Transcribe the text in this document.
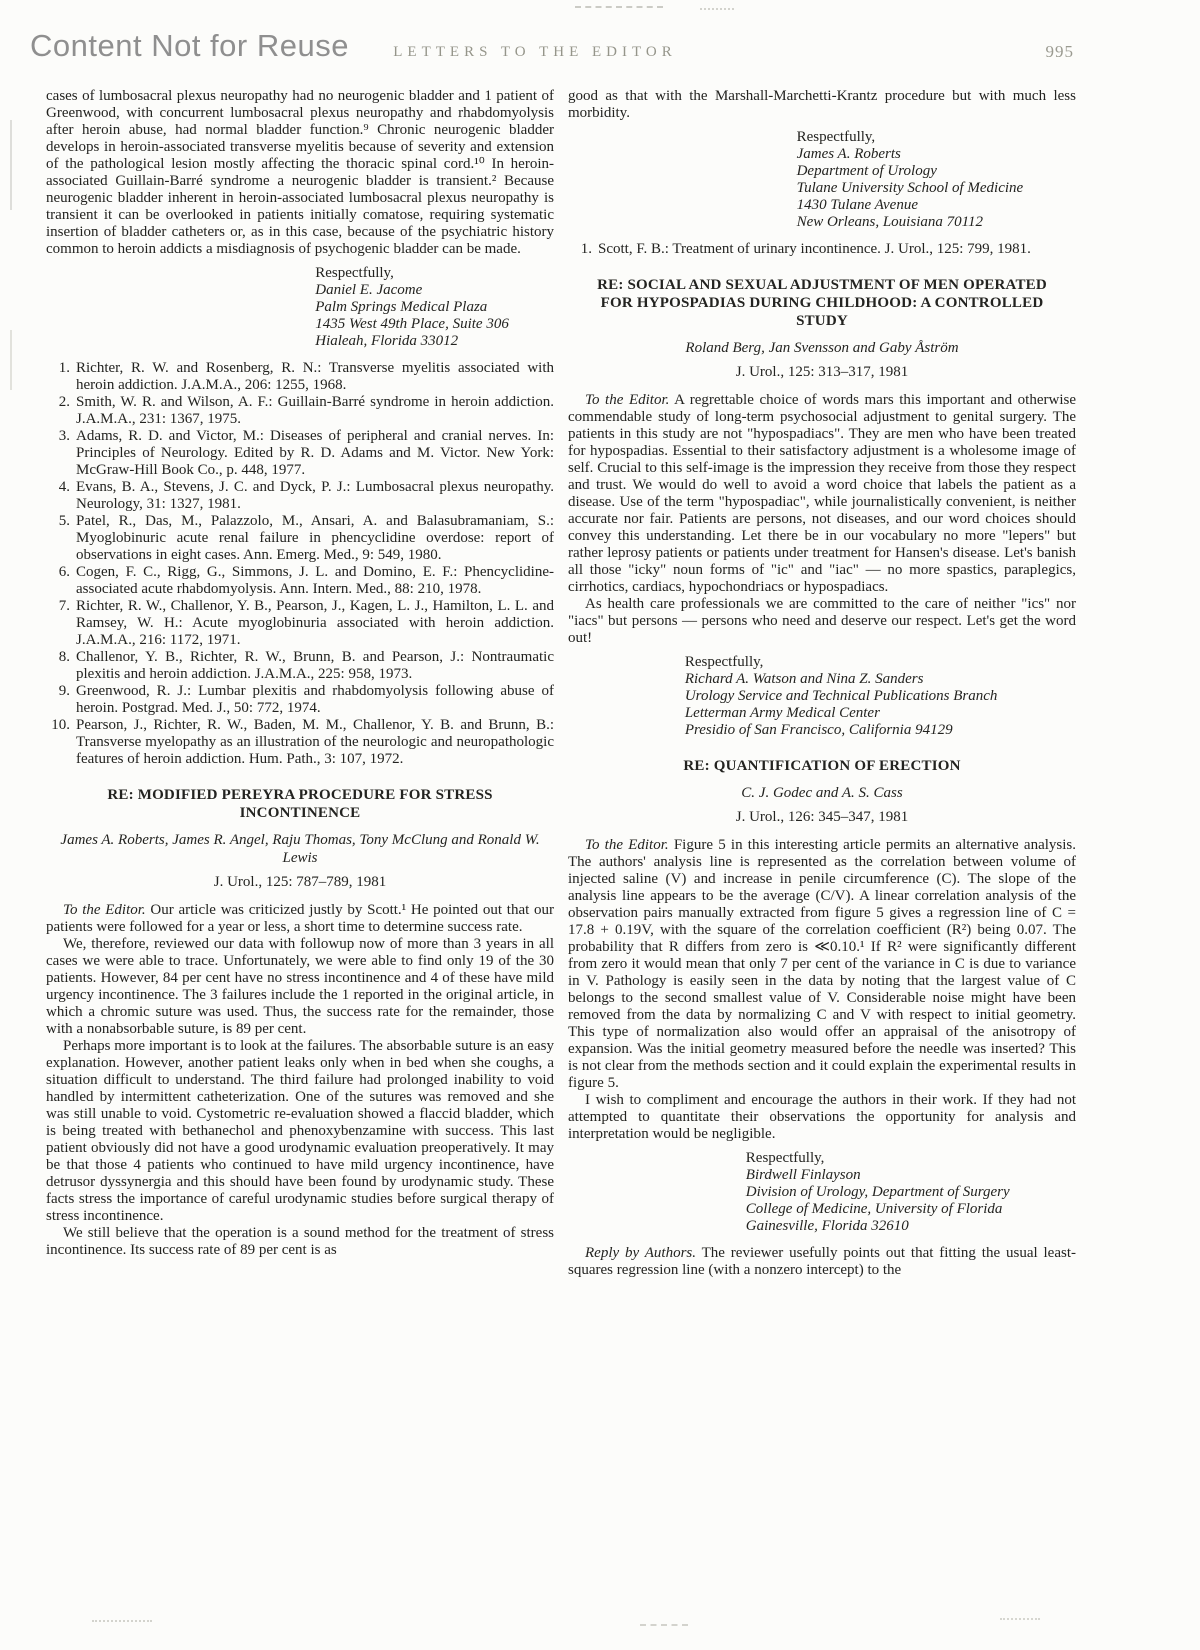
Content Not for Reuse	LETTERS TO THE EDITOR	995

cases of lumbosacral plexus neuropathy had no neurogenic bladder and 1 patient of Greenwood, with concurrent lumbosacral plexus neuropathy and rhabdomyolysis after heroin abuse, had normal bladder function.⁹ Chronic neurogenic bladder develops in heroin-associated transverse myelitis because of severity and extension of the pathological lesion mostly affecting the thoracic spinal cord.¹⁰ In heroin-associated Guillain-Barré syndrome a neurogenic bladder is transient.² Because neurogenic bladder inherent in heroin-associated lumbosacral plexus neuropathy is transient it can be overlooked in patients initially comatose, requiring systematic insertion of bladder catheters or, as in this case, because of the psychiatric history common to heroin addicts a misdiagnosis of psychogenic bladder can be made.

Respectfully,
Daniel E. Jacome
Palm Springs Medical Plaza
1435 West 49th Place, Suite 306
Hialeah, Florida 33012
Richter, R. W. and Rosenberg, R. N.: Transverse myelitis associated with heroin addiction. J.A.M.A., 206: 1255, 1968.
Smith, W. R. and Wilson, A. F.: Guillain-Barré syndrome in heroin addiction. J.A.M.A., 231: 1367, 1975.
Adams, R. D. and Victor, M.: Diseases of peripheral and cranial nerves. In: Principles of Neurology. Edited by R. D. Adams and M. Victor. New York: McGraw-Hill Book Co., p. 448, 1977.
Evans, B. A., Stevens, J. C. and Dyck, P. J.: Lumbosacral plexus neuropathy. Neurology, 31: 1327, 1981.
Patel, R., Das, M., Palazzolo, M., Ansari, A. and Balasubramaniam, S.: Myoglobinuric acute renal failure in phencyclidine overdose: report of observations in eight cases. Ann. Emerg. Med., 9: 549, 1980.
Cogen, F. C., Rigg, G., Simmons, J. L. and Domino, E. F.: Phencyclidine-associated acute rhabdomyolysis. Ann. Intern. Med., 88: 210, 1978.
Richter, R. W., Challenor, Y. B., Pearson, J., Kagen, L. J., Hamilton, L. L. and Ramsey, W. H.: Acute myoglobinuria associated with heroin addiction. J.A.M.A., 216: 1172, 1971.
Challenor, Y. B., Richter, R. W., Brunn, B. and Pearson, J.: Nontraumatic plexitis and heroin addiction. J.A.M.A., 225: 958, 1973.
Greenwood, R. J.: Lumbar plexitis and rhabdomyolysis following abuse of heroin. Postgrad. Med. J., 50: 772, 1974.
Pearson, J., Richter, R. W., Baden, M. M., Challenor, Y. B. and Brunn, B.: Transverse myelopathy as an illustration of the neurologic and neuropathologic features of heroin addiction. Hum. Path., 3: 107, 1972.
RE: MODIFIED PEREYRA PROCEDURE FOR STRESS INCONTINENCE
James A. Roberts, James R. Angel, Raju Thomas, Tony McClung and Ronald W. Lewis
J. Urol., 125: 787–789, 1981

To the Editor. Our article was criticized justly by Scott.¹ He pointed out that our patients were followed for a year or less, a short time to determine success rate.

We, therefore, reviewed our data with followup now of more than 3 years in all cases we were able to trace. Unfortunately, we were able to find only 19 of the 30 patients. However, 84 per cent have no stress incontinence and 4 of these have mild urgency incontinence. The 3 failures include the 1 reported in the original article, in which a chromic suture was used. Thus, the success rate for the remainder, those with a nonabsorbable suture, is 89 per cent.

Perhaps more important is to look at the failures. The absorbable suture is an easy explanation. However, another patient leaks only when in bed when she coughs, a situation difficult to understand. The third failure had prolonged inability to void handled by intermittent catheterization. One of the sutures was removed and she was still unable to void. Cystometric re-evaluation showed a flaccid bladder, which is being treated with bethanechol and phenoxybenzamine with success. This last patient obviously did not have a good urodynamic evaluation preoperatively. It may be that those 4 patients who continued to have mild urgency incontinence, have detrusor dyssynergia and this should have been found by urodynamic study. These facts stress the importance of careful urodynamic studies before surgical therapy of stress incontinence.

We still believe that the operation is a sound method for the treatment of stress incontinence. Its success rate of 89 per cent is as

good as that with the Marshall-Marchetti-Krantz procedure but with much less morbidity.

Respectfully,
James A. Roberts
Department of Urology
Tulane University School of Medicine
1430 Tulane Avenue
New Orleans, Louisiana 70112
Scott, F. B.: Treatment of urinary incontinence. J. Urol., 125: 799, 1981.
RE: SOCIAL AND SEXUAL ADJUSTMENT OF MEN OPERATED FOR HYPOSPADIAS DURING CHILDHOOD: A CONTROLLED STUDY
Roland Berg, Jan Svensson and Gaby Åström
J. Urol., 125: 313–317, 1981

To the Editor. A regrettable choice of words mars this important and otherwise commendable study of long-term psychosocial adjustment to genital surgery. The patients in this study are not "hypospadiacs". They are men who have been treated for hypospadias. Essential to their satisfactory adjustment is a wholesome image of self. Crucial to this self-image is the impression they receive from those they respect and trust. We would do well to avoid a word choice that labels the patient as a disease. Use of the term "hypospadiac", while journalistically convenient, is neither accurate nor fair. Patients are persons, not diseases, and our word choices should convey this understanding. Let there be in our vocabulary no more "lepers" but rather leprosy patients or patients under treatment for Hansen's disease. Let's banish all those "icky" noun forms of "ic" and "iac" — no more spastics, paraplegics, cirrhotics, cardiacs, hypochondriacs or hypospadiacs.

As health care professionals we are committed to the care of neither "ics" nor "iacs" but persons — persons who need and deserve our respect. Let's get the word out!

Respectfully,
Richard A. Watson and Nina Z. Sanders
Urology Service and Technical Publications Branch
Letterman Army Medical Center
Presidio of San Francisco, California 94129
RE: QUANTIFICATION OF ERECTION
C. J. Godec and A. S. Cass
J. Urol., 126: 345–347, 1981

To the Editor. Figure 5 in this interesting article permits an alternative analysis. The authors' analysis line is represented as the correlation between volume of injected saline (V) and increase in penile circumference (C). The slope of the analysis line appears to be the average (C/V). A linear correlation analysis of the observation pairs manually extracted from figure 5 gives a regression line of C = 17.8 + 0.19V, with the square of the correlation coefficient (R²) being 0.07. The probability that R differs from zero is ≪0.10.¹ If R² were significantly different from zero it would mean that only 7 per cent of the variance in C is due to variance in V. Pathology is easily seen in the data by noting that the largest value of C belongs to the second smallest value of V. Considerable noise might have been removed from the data by normalizing C and V with respect to initial geometry. This type of normalization also would offer an appraisal of the anisotropy of expansion. Was the initial geometry measured before the needle was inserted? This is not clear from the methods section and it could explain the experimental results in figure 5.

I wish to compliment and encourage the authors in their work. If they had not attempted to quantitate their observations the opportunity for analysis and interpretation would be negligible.

Respectfully,
Birdwell Finlayson
Division of Urology, Department of Surgery
College of Medicine, University of Florida
Gainesville, Florida 32610

Reply by Authors. The reviewer usefully points out that fitting the usual least-squares regression line (with a nonzero intercept) to the
